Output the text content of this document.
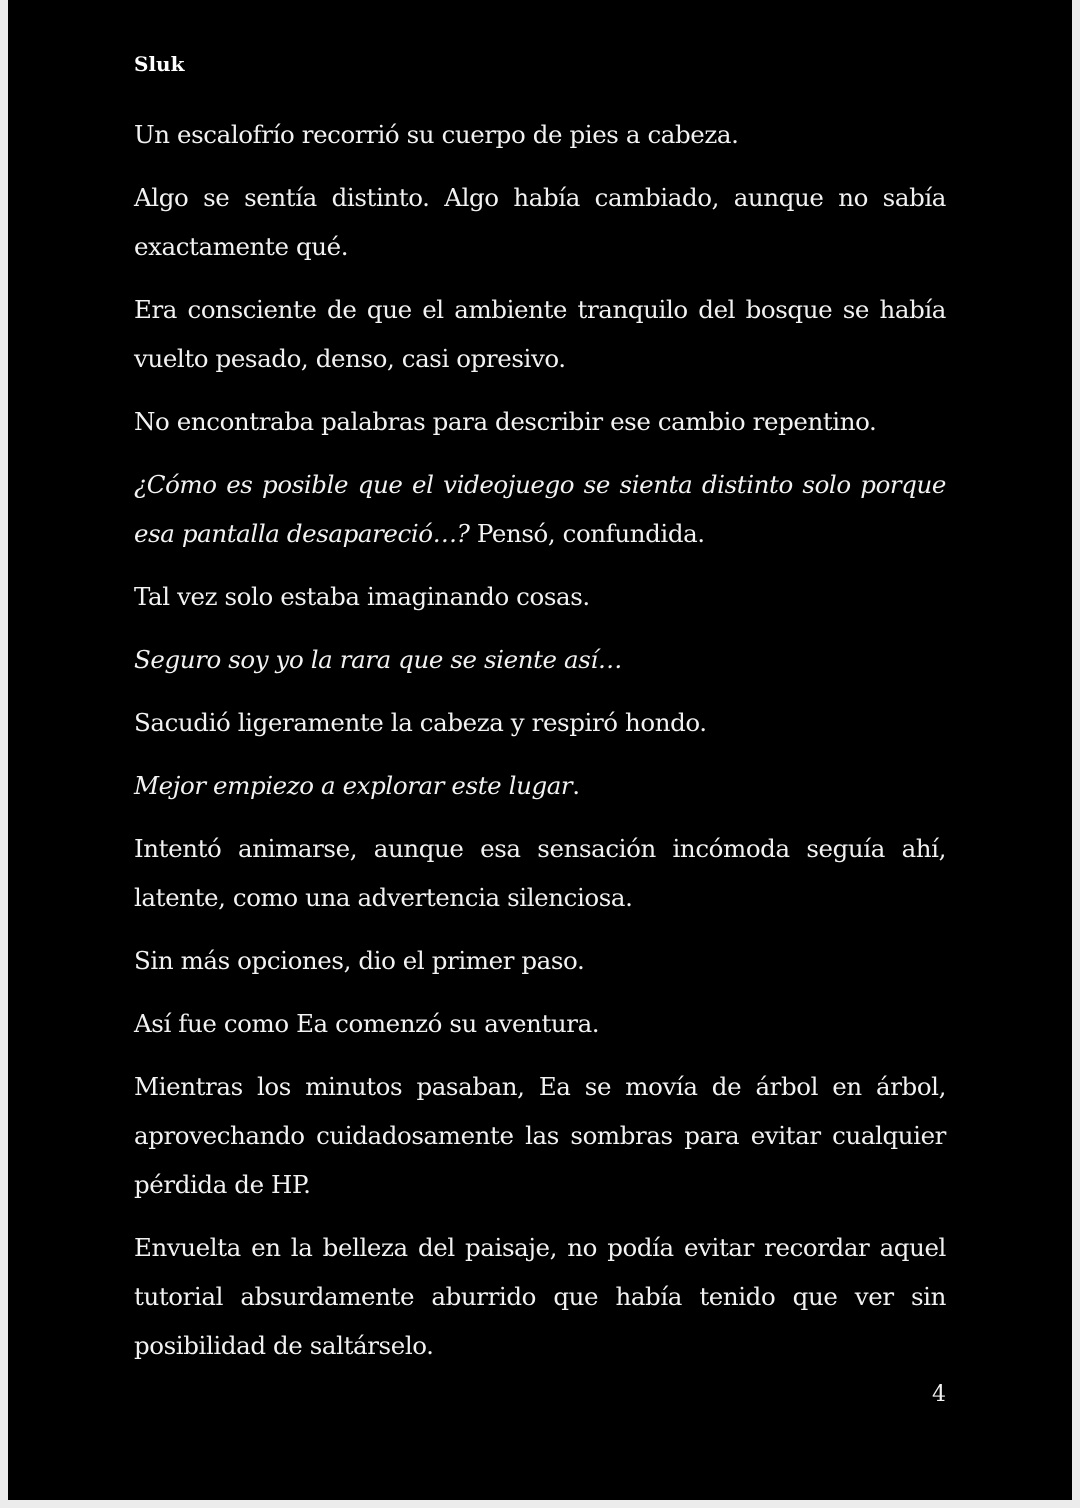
Sluk

Un escalofrío recorrió su cuerpo de pies a cabeza.

Algo se sentía distinto. Algo había cambiado, aunque no sabía exactamente qué.

Era consciente de que el ambiente tranquilo del bosque se había vuelto pesado, denso, casi opresivo.

No encontraba palabras para describir ese cambio repentino.

¿Cómo es posible que el videojuego se sienta distinto solo porque esa pantalla desapareció…? Pensó, confundida.

Tal vez solo estaba imaginando cosas.

Seguro soy yo la rara que se siente así…

Sacudió ligeramente la cabeza y respiró hondo.

Mejor empiezo a explorar este lugar.

Intentó animarse, aunque esa sensación incómoda seguía ahí, latente, como una advertencia silenciosa.

Sin más opciones, dio el primer paso.

Así fue como Ea comenzó su aventura.

Mientras los minutos pasaban, Ea se movía de árbol en árbol, aprovechando cuidadosamente las sombras para evitar cualquier pérdida de HP.

Envuelta en la belleza del paisaje, no podía evitar recordar aquel tutorial absurdamente aburrido que había tenido que ver sin posibilidad de saltárselo.

4
